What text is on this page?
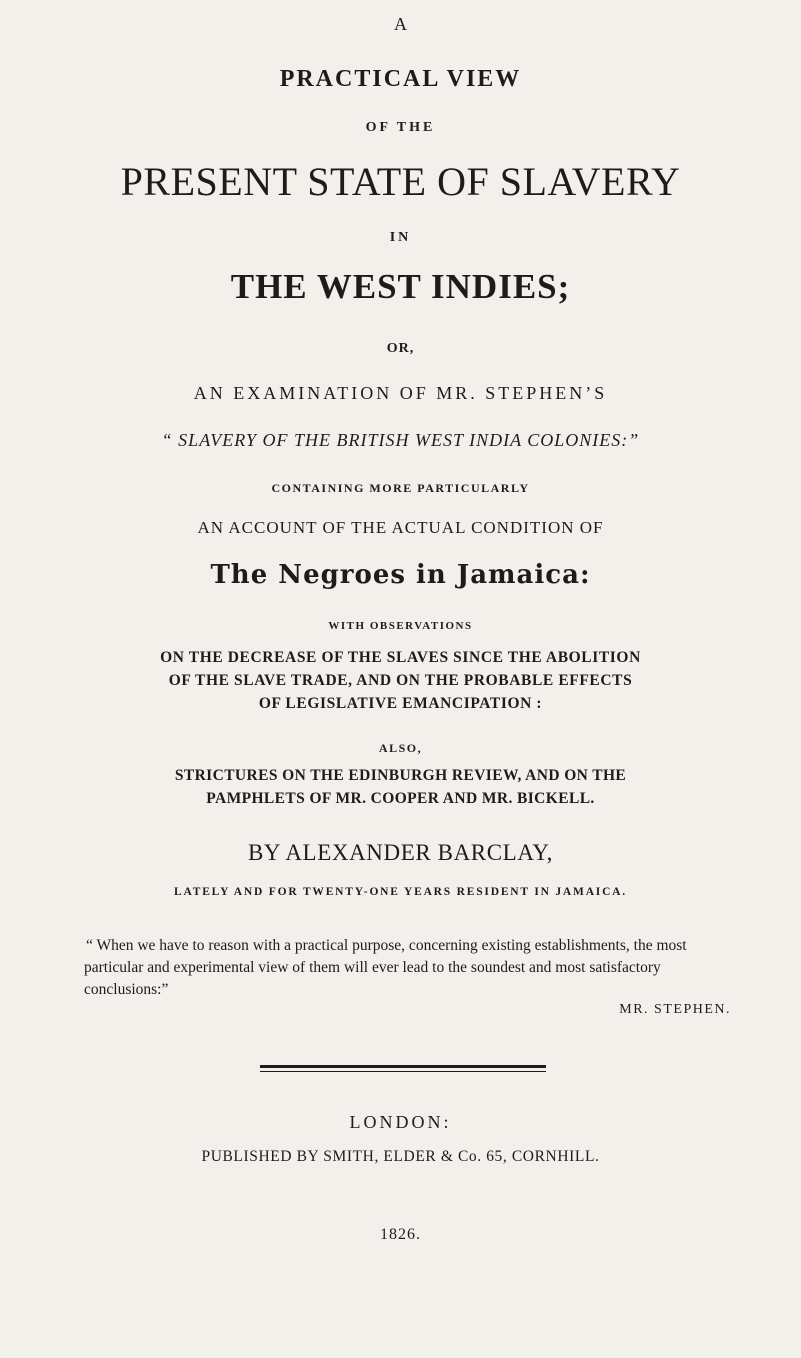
A
PRACTICAL VIEW
OF THE
PRESENT STATE OF SLAVERY
IN
THE WEST INDIES;
OR,
AN EXAMINATION OF MR. STEPHEN’S
“ SLAVERY OF THE BRITISH WEST INDIA COLONIES:”
CONTAINING MORE PARTICULARLY
AN ACCOUNT OF THE ACTUAL CONDITION OF
The Negroes in Jamaica:
WITH OBSERVATIONS
ON THE DECREASE OF THE SLAVES SINCE THE ABOLITION
OF THE SLAVE TRADE, AND ON THE PROBABLE EFFECTS
OF LEGISLATIVE EMANCIPATION :
ALSO,
STRICTURES ON THE EDINBURGH REVIEW, AND ON THE
PAMPHLETS OF MR. COOPER AND MR. BICKELL.
BY ALEXANDER BARCLAY,
LATELY AND FOR TWENTY-ONE YEARS RESIDENT IN JAMAICA.
“ When we have to reason with a practical purpose, concerning existing establishments, the most particular and experimental view of them will ever lead to the soundest and most satisfactory conclusions:”
MR. STEPHEN.
LONDON:
PUBLISHED BY SMITH, ELDER & Co. 65, CORNHILL.
1826.
